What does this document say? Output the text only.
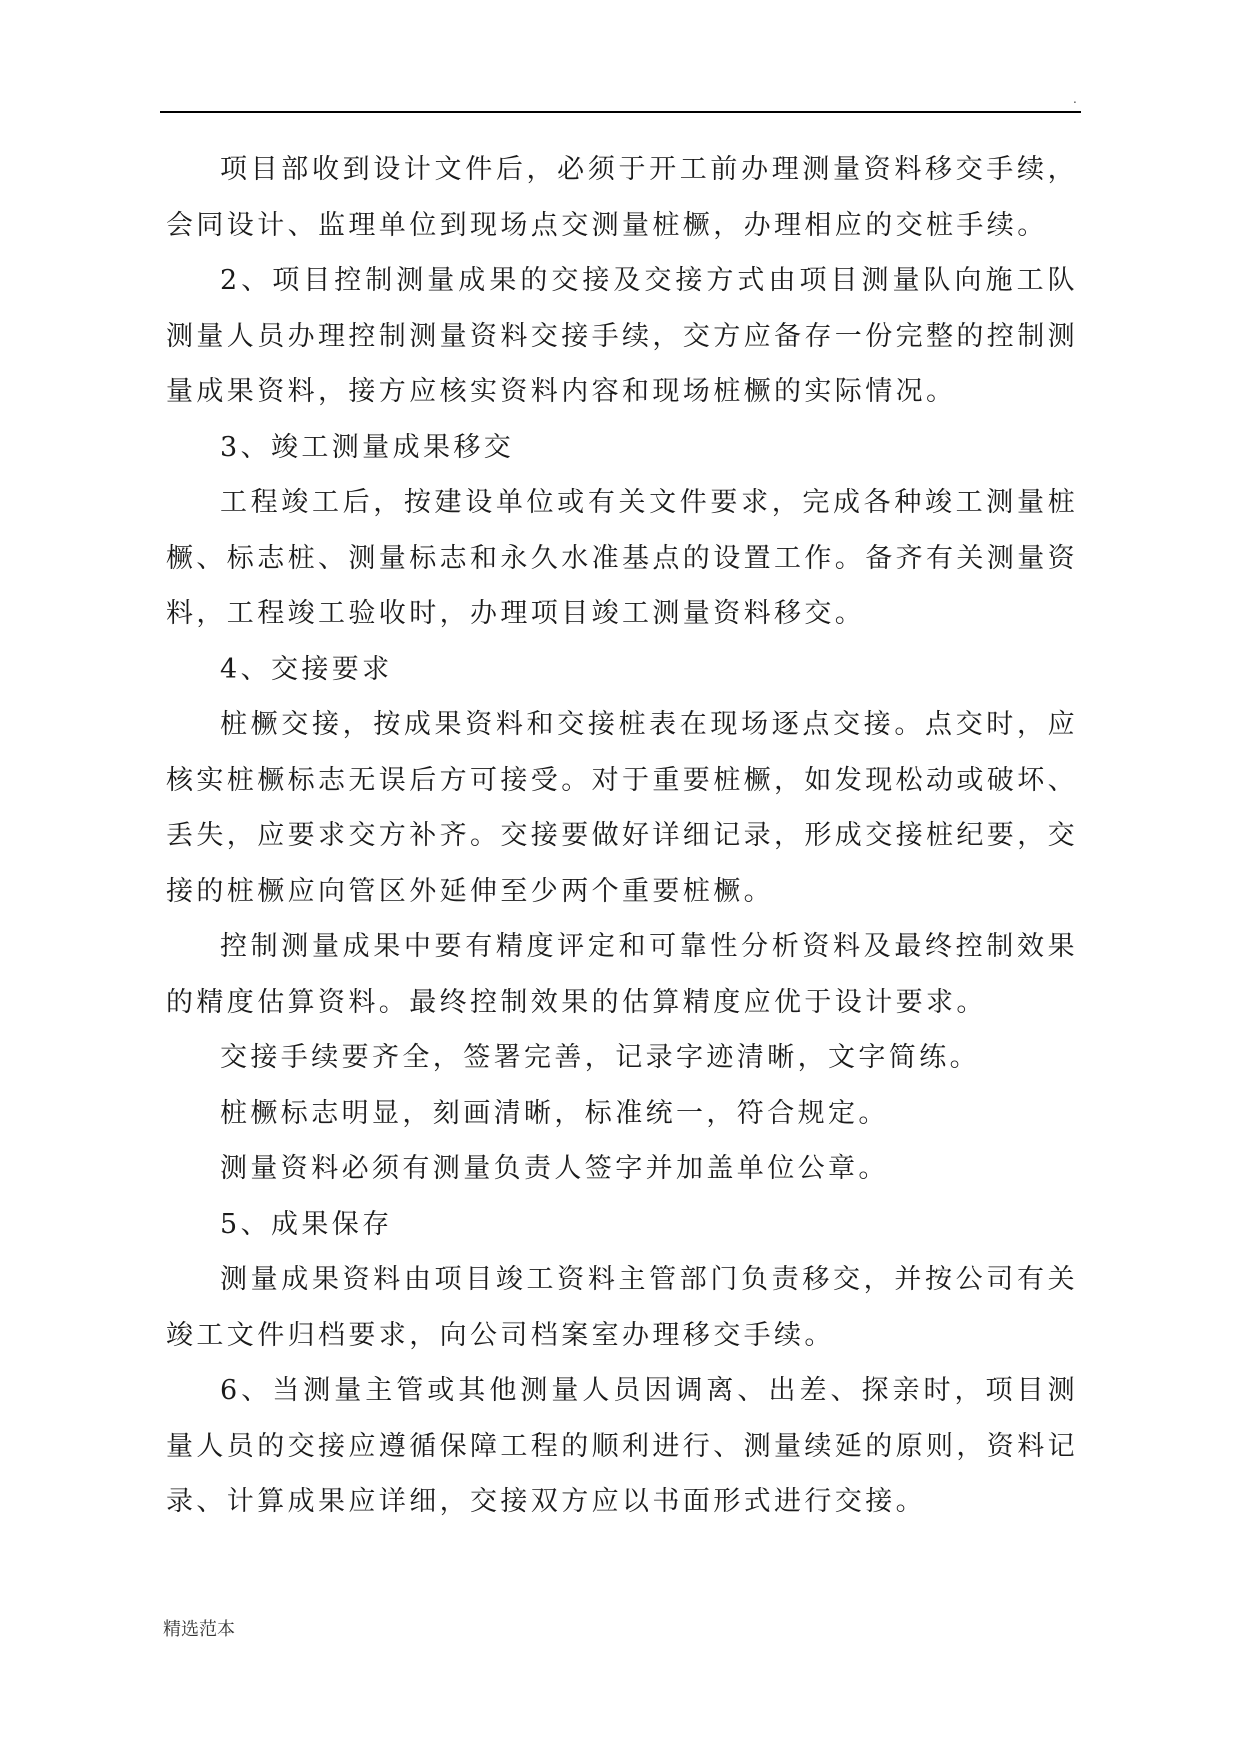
.

项目部收到设计文件后，必须于开工前办理测量资料移交手续，会同设计、监理单位到现场点交测量桩橛，办理相应的交桩手续。

2、项目控制测量成果的交接及交接方式由项目测量队向施工队测量人员办理控制测量资料交接手续，交方应备存一份完整的控制测量成果资料，接方应核实资料内容和现场桩橛的实际情况。

3、竣工测量成果移交

工程竣工后，按建设单位或有关文件要求，完成各种竣工测量桩橛、标志桩、测量标志和永久水准基点的设置工作。备齐有关测量资料，工程竣工验收时，办理项目竣工测量资料移交。

4、交接要求

桩橛交接，按成果资料和交接桩表在现场逐点交接。点交时，应核实桩橛标志无误后方可接受。对于重要桩橛，如发现松动或破坏、丢失，应要求交方补齐。交接要做好详细记录，形成交接桩纪要，交接的桩橛应向管区外延伸至少两个重要桩橛。

控制测量成果中要有精度评定和可靠性分析资料及最终控制效果的精度估算资料。最终控制效果的估算精度应优于设计要求。

交接手续要齐全，签署完善，记录字迹清晰，文字简练。

桩橛标志明显，刻画清晰，标准统一，符合规定。

测量资料必须有测量负责人签字并加盖单位公章。

5、成果保存

测量成果资料由项目竣工资料主管部门负责移交，并按公司有关竣工文件归档要求，向公司档案室办理移交手续。

6、当测量主管或其他测量人员因调离、出差、探亲时，项目测量人员的交接应遵循保障工程的顺利进行、测量续延的原则，资料记录、计算成果应详细，交接双方应以书面形式进行交接。

精选范本
